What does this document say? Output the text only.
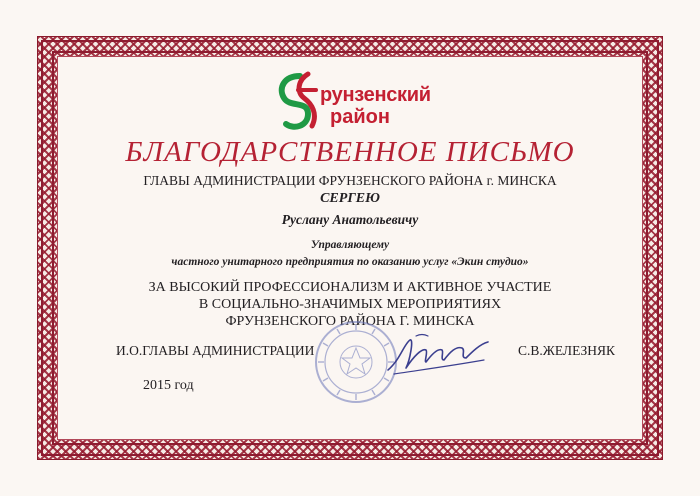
рунзенский
район
БЛАГОДАРСТВЕННОЕ ПИСЬМО
ГЛАВЫ АДМИНИСТРАЦИИ ФРУНЗЕНСКОГО РАЙОНА г. МИНСКА
СЕРГЕЮ
Руслану Анатольевичу
Управляющему
частного унитарного предприятия по оказанию услуг «Экин студио»
ЗА ВЫСОКИЙ ПРОФЕССИОНАЛИЗМ И АКТИВНОЕ УЧАСТИЕ
В СОЦИАЛЬНО-ЗНАЧИМЫХ МЕРОПРИЯТИЯХ
ФРУНЗЕНСКОГО РАЙОНА Г. МИНСКА
И.О.ГЛАВЫ АДМИНИСТРАЦИИ	С.В.ЖЕЛЕЗНЯК
2015 год
